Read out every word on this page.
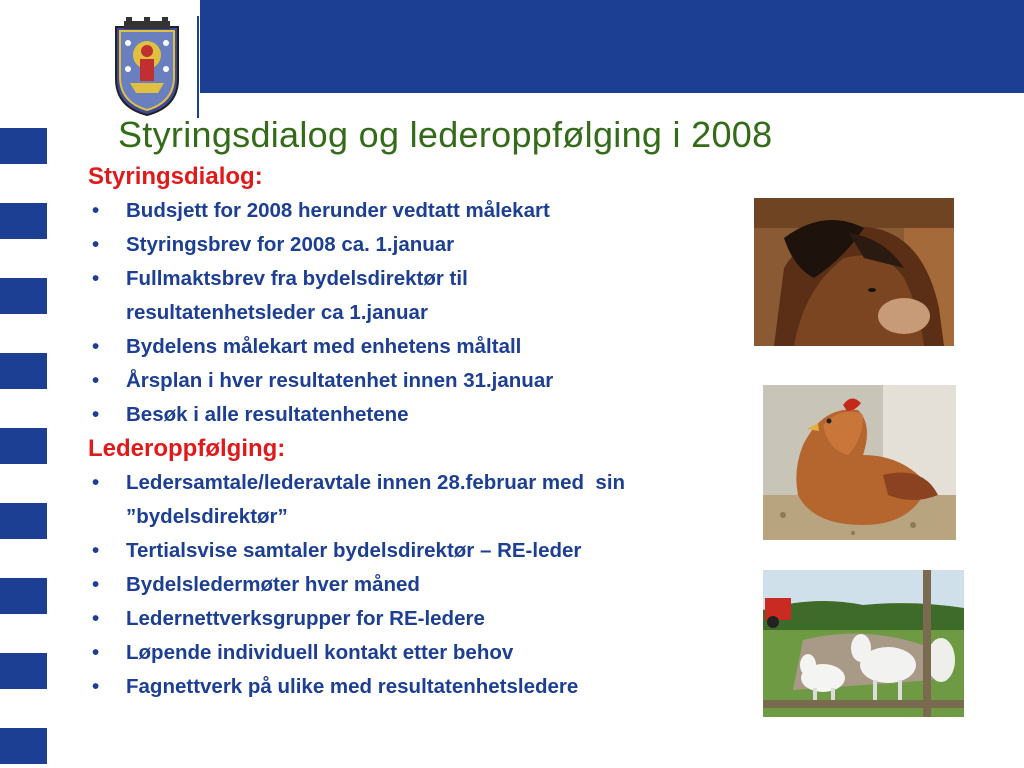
Oslo kommune
Bydel Alna
Styringsdialog og lederoppfølging i 2008
Styringsdialog:
• Budsjett for 2008 herunder vedtatt målekart
• Styringsbrev for 2008 ca. 1.januar
• Fullmaktsbrev fra bydelsdirektør til resultatenhetsleder ca 1.januar
• Bydelens målekart med enhetens måltall
• Årsplan i hver resultatenhet innen 31.januar
• Besøk i alle resultatenhetene
Lederoppfølging:
• Ledersamtale/lederavtale innen 28.februar med  sin ”bydelsdirektør”
• Tertialsvise samtaler bydelsdirektør – RE-leder
• Bydelsledermøter hver måned
• Ledernettverksgrupper for RE-ledere
• Løpende individuell kontakt etter behov
• Fagnettverk på ulike med resultatenhetsledere
